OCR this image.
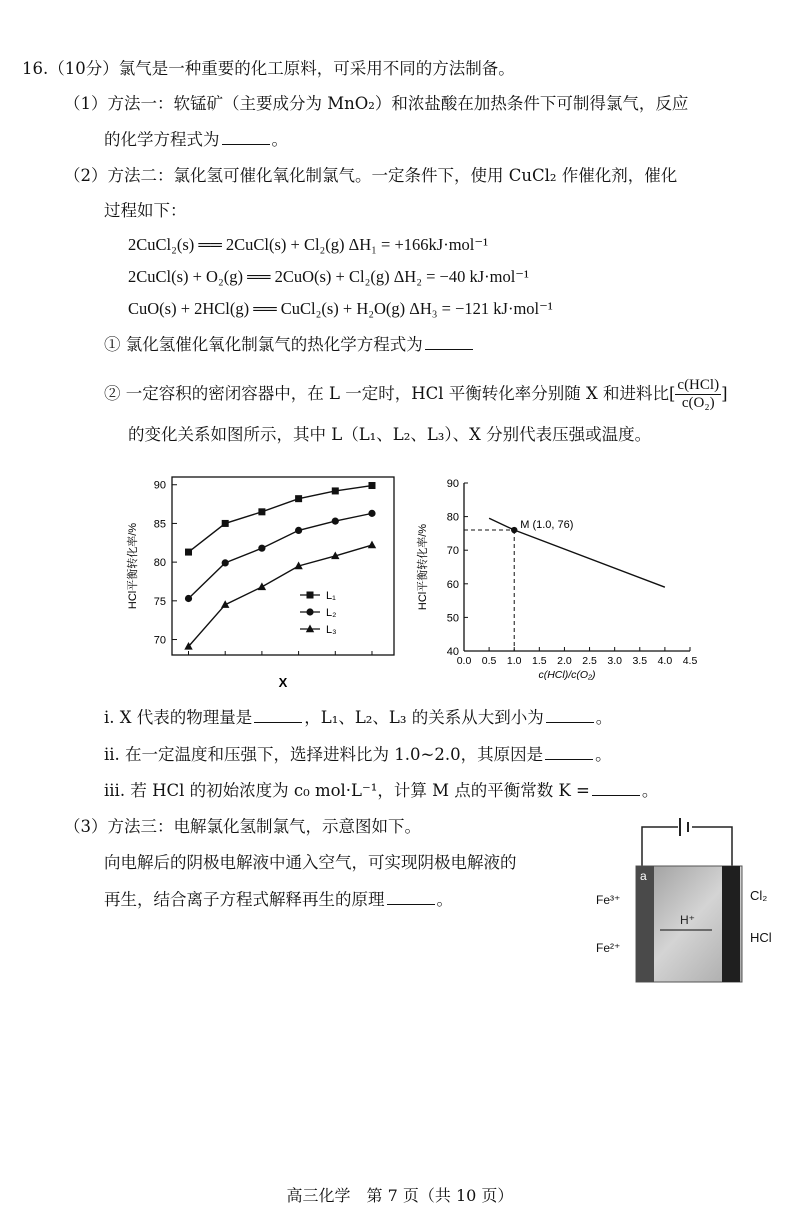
16.（10分）氯气是一种重要的化工原料，可采用不同的方法制备。
（1）方法一：软锰矿（主要成分为 MnO₂）和浓盐酸在加热条件下可制得氯气，反应
的化学方程式为	。
（2）方法二：氯化氢可催化氧化制氯气。一定条件下，使用 CuCl₂ 作催化剂，催化
过程如下：
2CuCl₂(s) ══ 2CuCl(s) + Cl₂(g) ΔH₁ = +166kJ·mol⁻¹
2CuCl(s) + O₂(g) ══ 2CuO(s) + Cl₂(g) ΔH₂ = −40 kJ·mol⁻¹
CuO(s) + 2HCl(g) ══ CuCl₂(s) + H₂O(g) ΔH₃ = −121 kJ·mol⁻¹
① 氯化氢催化氧化制氯气的热化学方程式为
② 一定容积的密闭容器中，在 L 一定时，HCl 平衡转化率分别随 X 和进料比[ $\frac{\text{c(HCl)}}{\text{c(O₂)}}$ ]
的变化关系如图所示，其中 L（L₁、L₂、L₃）、X 分别代表压强或温度。
70
75
80
85
90
X
HCl平衡转化率/%	L₁
L₂
L₃
40
50
60
70
80
90
0.0 0.5 1.0 1.5 2.0 2.5 3.0 3.5 4.0 4.5
c(HCl)/c(O₂)
HCl平衡转化率/%	M (1.0, 76)
i. X 代表的物理量是	，L₁、L₂、L₃ 的关系从大到小为	。
ii. 在一定温度和压强下，选择进料比为 1.0~2.0，其原因是	。
iii. 若 HCl 的初始浓度为 c₀ mol·L⁻¹，计算 M 点的平衡常数 K =	。
（3）方法三：电解氯化氢制氯气，示意图如下。
向电解后的阴极电解液中通入空气，可实现阴极电解液的
再生，结合离子方程式解释再生的原理	。
a
H⁺
Fe³⁺
Fe²⁺
Cl₂
HCl
高三化学　第 7 页（共 10 页）
